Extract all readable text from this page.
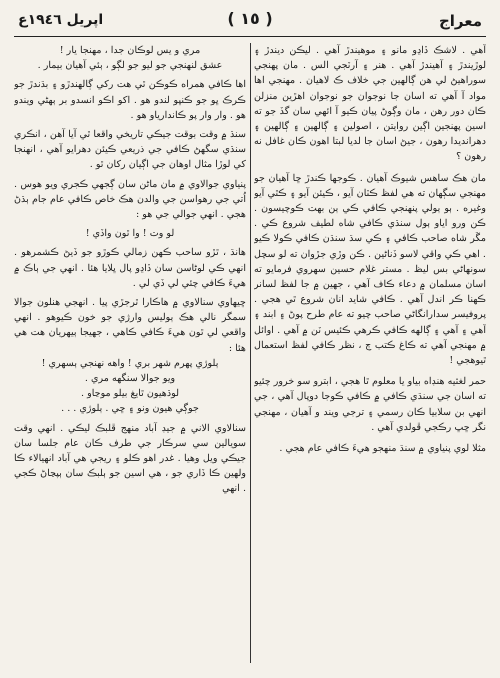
اپريل ١٩٤٦ع	( ١٥ )	معراج

آهي . لاشڪ ڏاڍو مانو ۽ موهيندڙ آهي . ليڪن ديندڙ ۽ لوڙيندڙ ۽ آهيندڙ آهي . هنر ۽ آرٽجي الس . مان پهنجي سوراهيڻ لي هن ڳالهين جي خلاف ڪ لاهيان . مهنجي اها مواد آ آهي ته اسان جا نوجوان جو نوجوان اهڙين منزلن ڪان دور رهن ، مان وڳوڻ پيان ڪيو آ ائهي سان گڏ جو ته اسين پهنجين اڳين روايتن ، اصولين ۽ ڳالهين ۽ ڳالهين ۽ دهرانديدا رهون ، جيڻ اسان جا لديا لبتا اهون ڪان غافل نه رهون ؟

مان هڪ ساهس شيوڪ آهيان . ڪوجها ڪندڙ ڇا آهيان جو مهنجي سڳهان ته هي لفظ ڪٽان آيو ، ڪيئن آيو ۽ ڪٿي آيو وغيره . ٻو ٻولي پنهنجي ڪافي ڪي ٻن بهت ڪوچيسون . ڪن ورو اياو ٻول سنڌي ڪافي شاه لطيف شروع ڪي . مڱر شاه صاحب ڪافي ۽ ڪي سڌ سنڌن ڪافي ڪولا ڪيو . اهي ڪي واقي لاسو ڏناڻين . ڪن وڙي جڙوان ته لو سچل سونهاڻي بس ليظ . مستر غلام حسين سهروي فرمايو ته اسان مسلمان ۾ دعاء ڪاف آهي ، جهين ۾ جا لفظ لسانر ڪهنا ڪر اندل آهي . ڪافي شايد انان شروع ٿي هجي . پروفيسر سدارانگاڻي صاحب چيو ته عام طرح پوڻ ۽ ابند ۽ آهي ۽ آهي ۽ ڳالهه ڪافي ڪرهي ڪئيس ٽن ۾ آهي . اوائل ۾ مهنجي آهي ته ڪاغ ڪتب ڄ ، نظر ڪافي لفظ استعمال ٿيوهجي !

حمر لغثيه هنڊاه بياو يا معلوم ٿا هجي ، ابترو سو خرور چئيو ته اسان جي سنڌي ڪافي ۾ ڪافي ڪوجا دوپال آهي ، جي انهي بن سلابيا ڪان رسمي ۽ ترجي ويند و آهيان ، مهنجي نگر ڇڀ رڪجي ڦولدي آهي .

مثلا لوي پنياوي ۾ سنڌ منهجو هيءَ ڪافي عام هجي .

مري و يس لوڪان جدا ، مهنجا يار !

عشق لنهنجي جو ليو جو لڳو ، ٻئي آهيان بيمار .

اها ڪافي همراه ڪوڪن ٿي هت رکي ڳالهندڙو ۽ بڌندڙ جو ڪرڪ ڀو جو ڪنڀو لندو هو . اکو اڪو انسدو بر ٻهڻي ويندو هو . وار وار پو ڪاندارياو هو .

سنڌ ۾ وقت بوقت جيڪي تاريخي واقعا ٿي آيا آهن ، انڪري سنڌي سگهڻ ڪافي جي ذريعي ڪيئن دهرايو آهي ، انهنجا کي لوڙا مثال اوهان جي اڳيان رکان ٿو .

پنياوي جوالاوي ۾ مان ماڻن سان ڳجهي ڪجري ويو هوس . اُتي جي رهواسن جي والدن هڪ خاص ڪافي عام جام ٻڌڻ هجي . انهي جوالي جي هو :

لو وت ! وا ٿون واڏي !

هانڌ ، ٿڙو ساحب ڪهن زمالي ڪوڙو جو ڏيڻ ڪشمرهو . انهي ڪي لوڻاسن سان ڏاڍو پال ڀلايا هئا . انهي جي ٻاڪ ۾ هيءَ ڪافي چئي لي ڏي لي .

ڇيهاوي سنالاوي ۾ هاڪارا ٿرجڙي پيا . انهجي هنلون جوالا سمگر نالي هڪ ٻوليس وارژي جو خون ڪيوهو . انهي واقعي لي ٿون هيءَ ڪافي ڪاهي ، جهيجا ٻيهريان هت هي هئا :

ٻلوژي پهرم شهر بري ! واهه نهنجي ٻسهري !

ويو جوالا سنگهه مري .

لوڌهيون ٿايغ بيلو موڃاو .

جوڳي هيون ونو ۽ ڇي . ٻلوژي . . .

سنالاوي الاني ۾ جيڊ آباد منهج ڦلبڪ ليڪي . انهي وقت سويالين سي سرڪار جي طرف ڪان عام جلسا سان جيڪي ويل وهيا . غدر اهو ڪلو ۽ ريجي هي آباد انهيالاء ڪا ولهين ڪا ڏاري جو ، هي اسين جو ٻلبڪ سان ٻپڃاڻ ڪجي . انهي
